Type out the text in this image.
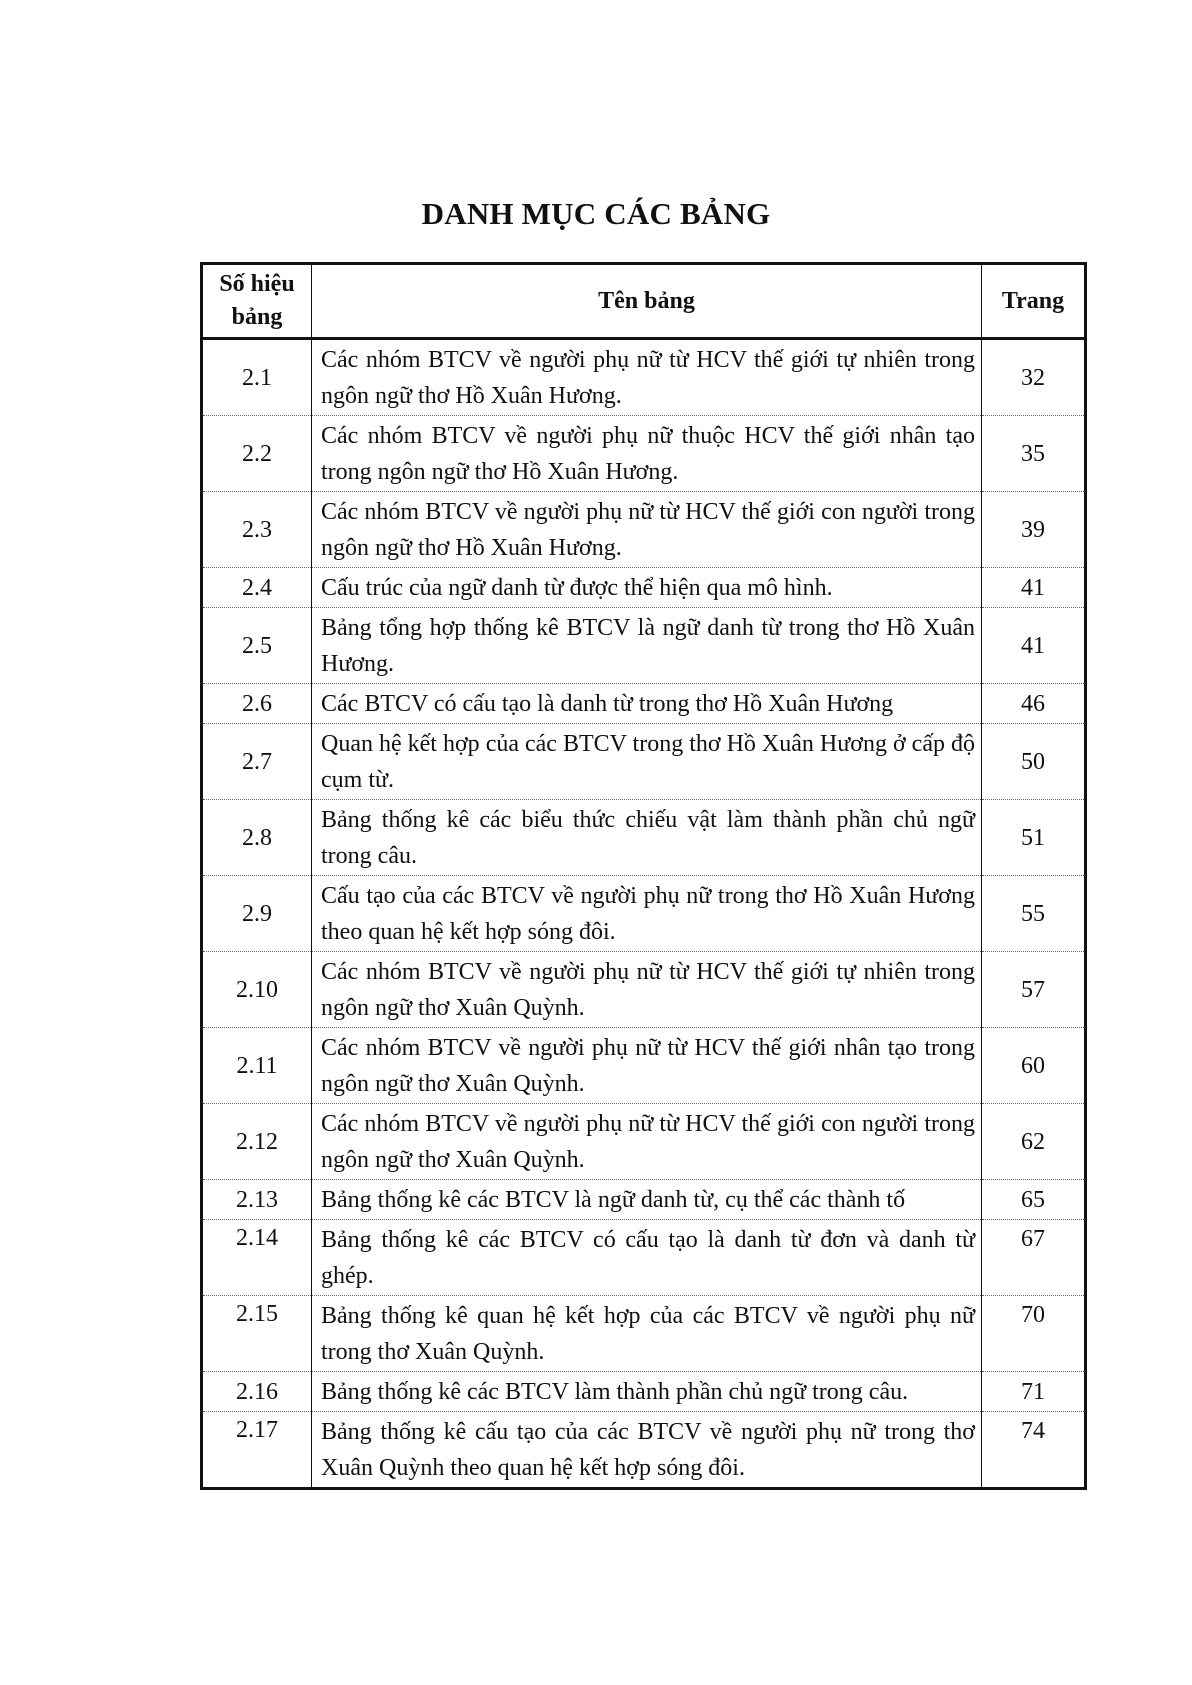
DANH MỤC CÁC BẢNG
Số hiệu bảng	Tên bảng	Trang
2.1	Các nhóm BTCV về người phụ nữ từ HCV thế giới tự nhiên trong ngôn ngữ thơ Hồ Xuân Hương.	32
2.2	Các nhóm BTCV về người phụ nữ thuộc HCV thế giới nhân tạo trong ngôn ngữ thơ Hồ Xuân Hương.	35
2.3	Các nhóm BTCV về người phụ nữ từ HCV thế giới con người trong ngôn ngữ thơ Hồ Xuân Hương.	39
2.4	Cấu trúc của ngữ danh từ được thể hiện qua mô hình.	41
2.5	Bảng tổng hợp thống kê BTCV là ngữ danh từ trong thơ Hồ Xuân Hương.	41
2.6	Các BTCV có cấu tạo là danh từ trong thơ Hồ Xuân Hương	46
2.7	Quan hệ kết hợp của các BTCV trong thơ Hồ Xuân Hương ở cấp độ cụm từ.	50
2.8	Bảng thống kê các biểu thức chiếu vật làm thành phần chủ ngữ trong câu.	51
2.9	Cấu tạo của các BTCV về người phụ nữ trong thơ Hồ Xuân Hương theo quan hệ kết hợp sóng đôi.	55
2.10	Các nhóm BTCV về người phụ nữ từ HCV thế giới tự nhiên trong ngôn ngữ thơ Xuân Quỳnh.	57
2.11	Các nhóm BTCV về người phụ nữ từ HCV thế giới nhân tạo trong ngôn ngữ thơ Xuân Quỳnh.	60
2.12	Các nhóm BTCV về người phụ nữ từ HCV thế giới con người trong ngôn ngữ thơ Xuân Quỳnh.	62
2.13	Bảng thống kê các BTCV là ngữ danh từ, cụ thể các thành tố	65
2.14	Bảng thống kê các BTCV có cấu tạo là danh từ đơn và danh từ ghép.	67
2.15	Bảng thống kê quan hệ kết hợp của các BTCV về người phụ nữ trong thơ Xuân Quỳnh.	70
2.16	Bảng thống kê các BTCV làm thành phần chủ ngữ trong câu.	71
2.17	Bảng thống kê cấu tạo của các BTCV về người phụ nữ trong thơ Xuân Quỳnh theo quan hệ kết hợp sóng đôi.	74
